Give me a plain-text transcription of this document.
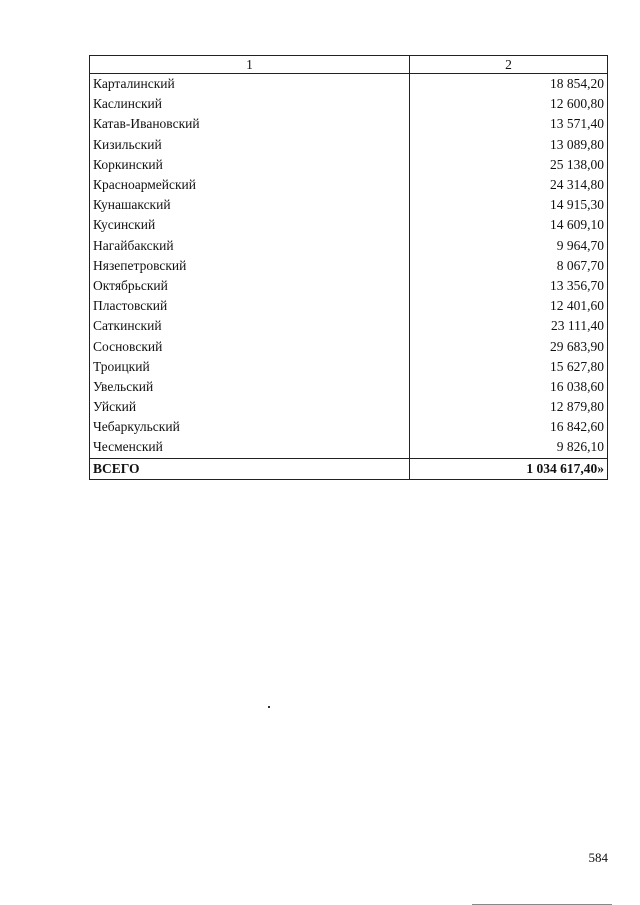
1	2
Карталинский	18 854,20
Каслинский	12 600,80
Катав-Ивановский	13 571,40
Кизильский	13 089,80
Коркинский	25 138,00
Красноармейский	24 314,80
Кунашакский	14 915,30
Кусинский	14 609,10
Нагайбакский	9 964,70
Нязепетровский	8 067,70
Октябрьский	13 356,70
Пластовский	12 401,60
Саткинский	23 111,40
Сосновский	29 683,90
Троицкий	15 627,80
Увельский	16 038,60
Уйский	12 879,80
Чебаркульский	16 842,60
Чесменский	9 826,10
ВСЕГО	1 034 617,40»
584
